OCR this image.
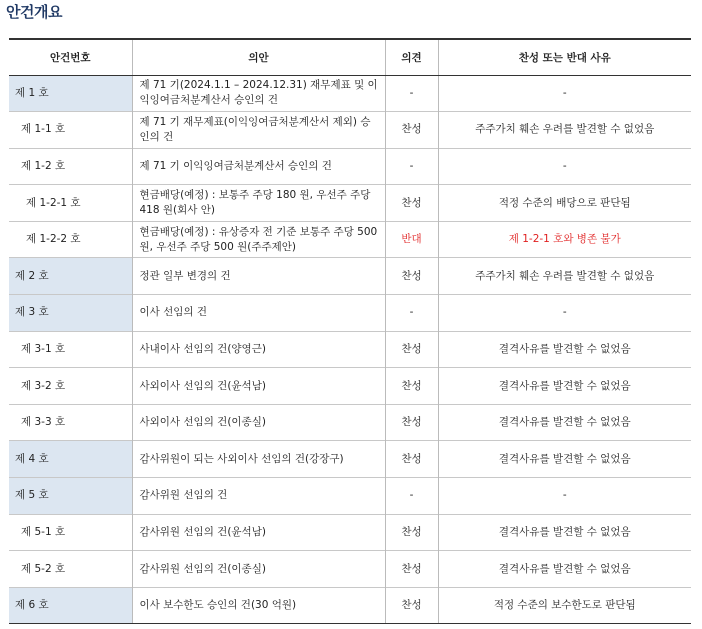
안건개요
안건번호	의안	의견	찬성 또는 반대 사유
제 1 호	제 71 기(2024.1.1 – 2024.12.31) 재무제표 및 이익잉여금처분계산서 승인의 건	-	-
제 1-1 호	제 71 기 재무제표(이익잉여금처분계산서 제외) 승인의 건	찬성	주주가치 훼손 우려를 발견할 수 없었음
제 1-2 호	제 71 기 이익잉여금처분계산서 승인의 건	-	-
제 1-2-1 호	현금배당(예정) : 보통주 주당 180 원, 우선주 주당 418 원(회사 안)	찬성	적정 수준의 배당으로 판단됨
제 1-2-2 호	현금배당(예정) : 유상증자 전 기준 보통주 주당 500 원, 우선주 주당 500 원(주주제안)	반대	제 1-2-1 호와 병존 불가
제 2 호	정관 일부 변경의 건	찬성	주주가치 훼손 우려를 발견할 수 없었음
제 3 호	이사 선임의 건	-	-
제 3-1 호	사내이사 선임의 건(양영근)	찬성	결격사유를 발견할 수 없었음
제 3-2 호	사외이사 선임의 건(윤석남)	찬성	결격사유를 발견할 수 없었음
제 3-3 호	사외이사 선임의 건(이종실)	찬성	결격사유를 발견할 수 없었음
제 4 호	감사위원이 되는 사외이사 선임의 건(강장구)	찬성	결격사유를 발견할 수 없었음
제 5 호	감사위원 선임의 건	-	-
제 5-1 호	감사위원 선임의 건(윤석남)	찬성	결격사유를 발견할 수 없었음
제 5-2 호	감사위원 선임의 건(이종실)	찬성	결격사유를 발견할 수 없었음
제 6 호	이사 보수한도 승인의 건(30 억원)	찬성	적정 수준의 보수한도로 판단됨
